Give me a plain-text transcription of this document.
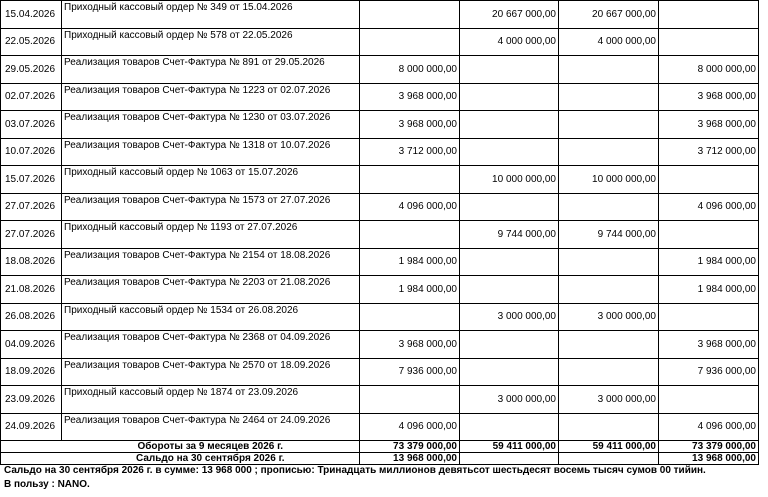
15.04.2026	Приходный кассовый ордер № 349 от 15.04.2026		20 667 000,00	20 667 000,00	
22.05.2026	Приходный кассовый ордер № 578 от 22.05.2026		4 000 000,00	4 000 000,00	
29.05.2026	Реализация товаров Счет-Фактура № 891 от 29.05.2026	8 000 000,00			8 000 000,00
02.07.2026	Реализация товаров Счет-Фактура № 1223 от 02.07.2026	3 968 000,00			3 968 000,00
03.07.2026	Реализация товаров Счет-Фактура № 1230 от 03.07.2026	3 968 000,00			3 968 000,00
10.07.2026	Реализация товаров Счет-Фактура № 1318 от 10.07.2026	3 712 000,00			3 712 000,00
15.07.2026	Приходный кассовый ордер № 1063 от 15.07.2026		10 000 000,00	10 000 000,00	
27.07.2026	Реализация товаров Счет-Фактура № 1573 от 27.07.2026	4 096 000,00			4 096 000,00
27.07.2026	Приходный кассовый ордер № 1193 от 27.07.2026		9 744 000,00	9 744 000,00	
18.08.2026	Реализация товаров Счет-Фактура № 2154 от 18.08.2026	1 984 000,00			1 984 000,00
21.08.2026	Реализация товаров Счет-Фактура № 2203 от 21.08.2026	1 984 000,00			1 984 000,00
26.08.2026	Приходный кассовый ордер № 1534 от 26.08.2026		3 000 000,00	3 000 000,00	
04.09.2026	Реализация товаров Счет-Фактура № 2368 от 04.09.2026	3 968 000,00			3 968 000,00
18.09.2026	Реализация товаров Счет-Фактура № 2570 от 18.09.2026	7 936 000,00			7 936 000,00
23.09.2026	Приходный кассовый ордер № 1874 от 23.09.2026		3 000 000,00	3 000 000,00	
24.09.2026	Реализация товаров Счет-Фактура № 2464 от 24.09.2026	4 096 000,00			4 096 000,00
	Обороты за 9 месяцев 2026 г.	73 379 000,00	59 411 000,00	59 411 000,00	73 379 000,00
	Сальдо на 30 сентября 2026 г.	13 968 000,00			13 968 000,00
Сальдо на 30 сентября 2026 г. в сумме: 13 968 000 ; прописью: Тринадцать миллионов девятьсот шестьдесят восемь тысяч сумов 00 тийин.
В пользу : NANO.
